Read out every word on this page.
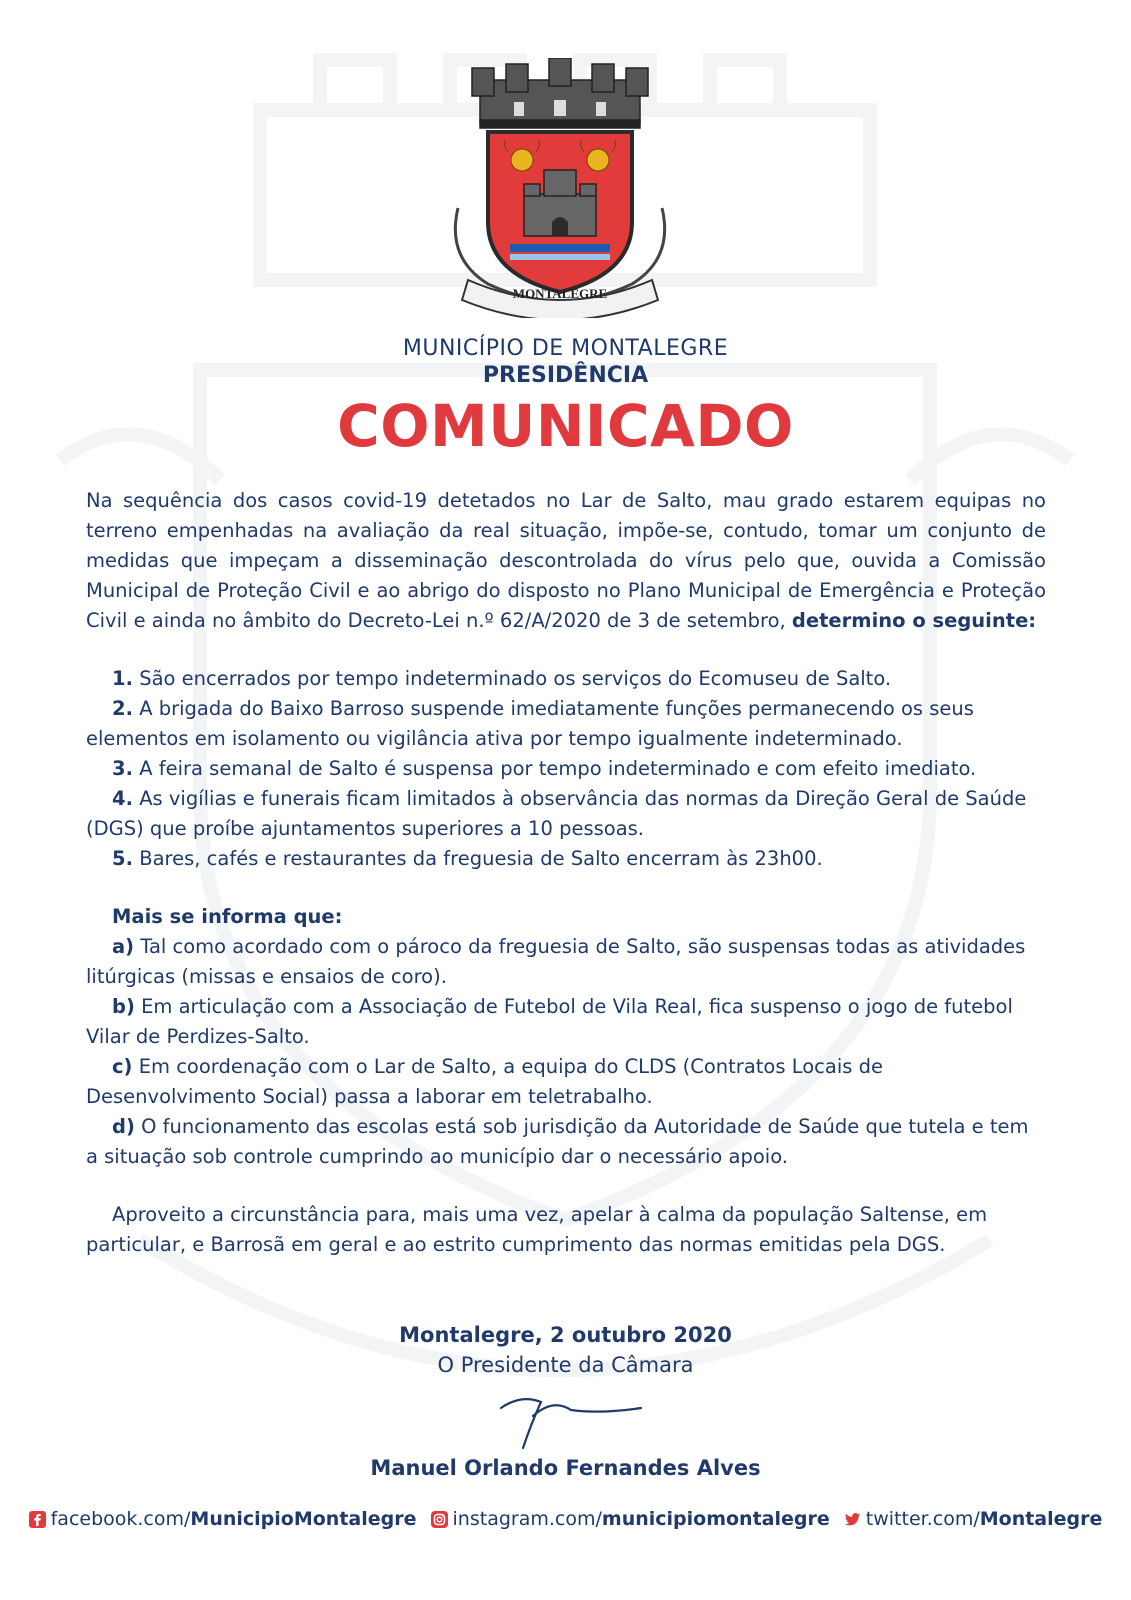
MONTALEGRE
MUNICÍPIO DE MONTALEGRE
PRESIDÊNCIA
COMUNICADO

Na sequência dos casos covid-19 detetados no Lar de Salto, mau grado estarem equipas no terreno empenhadas na avaliação da real situação, impõe-se, contudo, tomar um conjunto de medidas que impeçam a disseminação descontrolada do vírus pelo que, ouvida a Comissão Municipal de Proteção Civil e ao abrigo do disposto no Plano Municipal de Emergência e Proteção Civil e ainda no âmbito do Decreto-Lei n.º 62/A/2020 de 3 de setembro, determino o seguinte:

1. São encerrados por tempo indeterminado os serviços do Ecomuseu de Salto.

2. A brigada do Baixo Barroso suspende imediatamente funções permanecendo os seus elementos em isolamento ou vigilância ativa por tempo igualmente indeterminado.

3. A feira semanal de Salto é suspensa por tempo indeterminado e com efeito imediato.

4. As vigílias e funerais ficam limitados à observância das normas da Direção Geral de Saúde (DGS) que proíbe ajuntamentos superiores a 10 pessoas.

5. Bares, cafés e restaurantes da freguesia de Salto encerram às 23h00.

Mais se informa que:

a) Tal como acordado com o pároco da freguesia de Salto, são suspensas todas as atividades litúrgicas (missas e ensaios de coro).

b) Em articulação com a Associação de Futebol de Vila Real, fica suspenso o jogo de futebol Vilar de Perdizes-Salto.

c) Em coordenação com o Lar de Salto, a equipa do CLDS (Contratos Locais de Desenvolvimento Social) passa a laborar em teletrabalho.

d) O funcionamento das escolas está sob jurisdição da Autoridade de Saúde que tutela e tem a situação sob controle cumprindo ao município dar o necessário apoio.

Aproveito a circunstância para, mais uma vez, apelar à calma da população Saltense, em particular, e Barrosã em geral e ao estrito cumprimento das normas emitidas pela DGS.

Montalegre, 2 outubro 2020
O Presidente da Câmara
Manuel Orlando Fernandes Alves
facebook.com/ MunicipioMontalegre
instagram.com/ municipiomontalegre
twitter.com/ Montalegre
